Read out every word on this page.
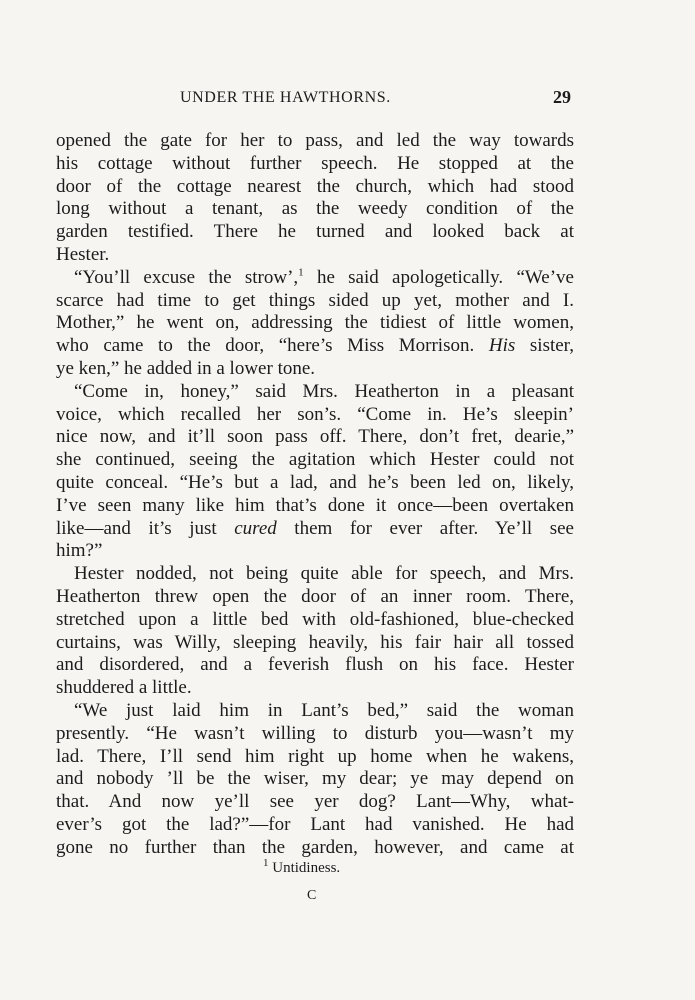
UNDER THE HAWTHORNS.	29
opened the gate for her to pass, and led the way towards
his cottage without further speech. He stopped at the
door of the cottage nearest the church, which had stood
long without a tenant, as the weedy condition of the
garden testified. There he turned and looked back at
Hester.
“You’ll excuse the strow’,$^1$ he said apologetically. “We’ve
scarce had time to get things sided up yet, mother and I.
Mother,” he went on, addressing the tidiest of little women,
who came to the door, “here’s Miss Morrison. His sister,
ye ken,” he added in a lower tone.
“Come in, honey,” said Mrs. Heatherton in a pleasant
voice, which recalled her son’s. “Come in. He’s sleepin’
nice now, and it’ll soon pass off. There, don’t fret, dearie,”
she continued, seeing the agitation which Hester could not
quite conceal. “He’s but a lad, and he’s been led on, likely,
I’ve seen many like him that’s done it once—been overtaken
like—and it’s just cured them for ever after. Ye’ll see
him?”
Hester nodded, not being quite able for speech, and Mrs.
Heatherton threw open the door of an inner room. There,
stretched upon a little bed with old-fashioned, blue-checked
curtains, was Willy, sleeping heavily, his fair hair all tossed
and disordered, and a feverish flush on his face. Hester
shuddered a little.
“We just laid him in Lant’s bed,” said the woman
presently. “He wasn’t willing to disturb you—wasn’t my
lad. There, I’ll send him right up home when he wakens,
and nobody ’ll be the wiser, my dear; ye may depend on
that. And now ye’ll see yer dog? Lant—Why, what-
ever’s got the lad?”—for Lant had vanished. He had
gone no further than the garden, however, and came at
$^1$ Untidiness.
C
